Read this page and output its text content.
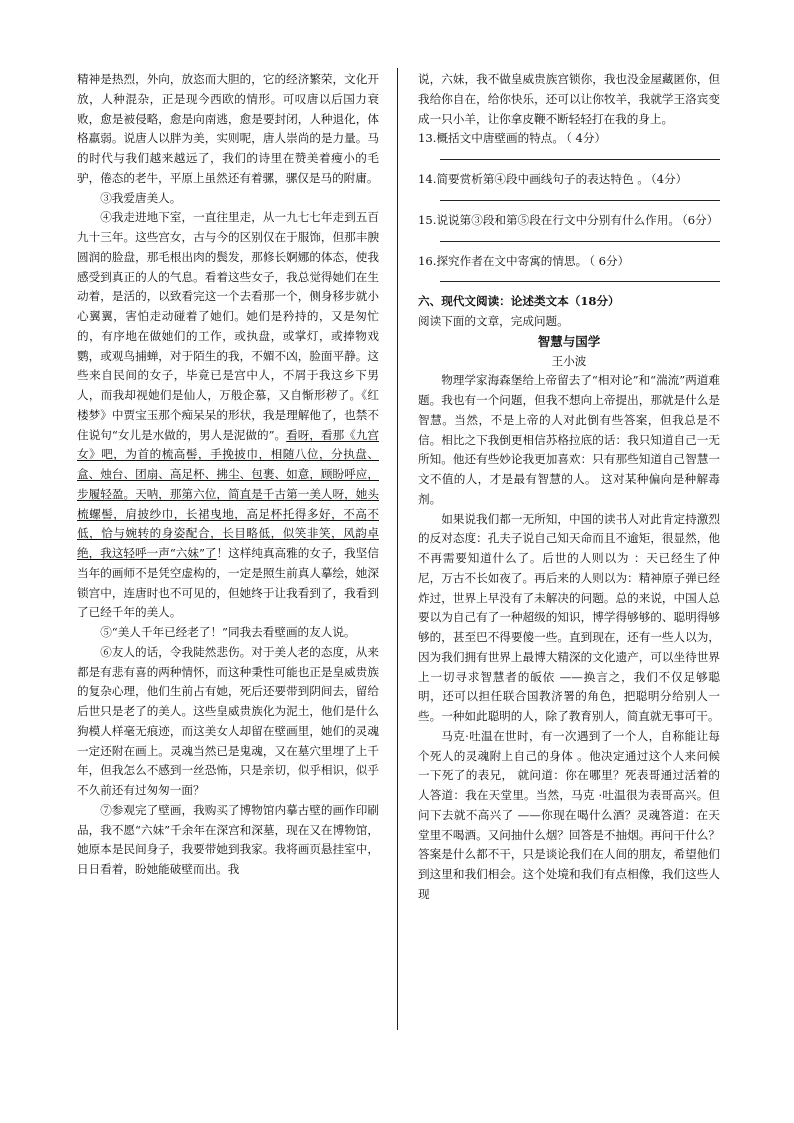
精神是热烈，外向，放恣而大胆的，它的经济繁荣，文化开放，人种混杂，正是现今西欧的情形。可叹唐以后国力衰败，愈是被侵略，愈是向南逃，愈是要封闭，人种退化，体格羸弱。说唐人以胖为美，实则呢，唐人崇尚的是力量。马的时代与我们越来越远了，我们的诗里在赞美着瘦小的毛驴，倦态的老牛，平原上虽然还有着骡，骡仅是马的附庸。

③我爱唐美人。

④我走进地下室，一直往里走，从一九七七年走到五百九十三年。这些宫女，古与今的区别仅在于服饰，但那丰腴圆润的脸盘，那毛根出肉的鬓发，那修长婀娜的体态，使我感受到真正的人的气息。看着这些女子，我总觉得她们在生动着，是活的，以致看完这一个去看那一个，侧身移步就小心翼翼，害怕走动碰着了她们。她们是矜持的，又是匆忙的，有序地在做她们的工作，或执盘，或掌灯，或捧物戏鹦，或观鸟捕蝉，对于陌生的我，不媚不凶，脸面平静。这些来自民间的女子，毕竟已是宫中人，不屑于我这乡下男人，而我却视她们是仙人，万般企慕，又自惭形秽了。《红楼梦》中贾宝玉那个痴呆呆的形状，我是理解他了，也禁不住说句“女儿是水做的，男人是泥做的”。看呀，看那《九宫女》吧，为首的梳高髻，手挽披巾，相随八位，分执盘、盒、烛台、团扇、高足杯、拂尘、包裹、如意，顾盼呼应，步履轻盈。天呐，那第六位，简直是千古第一美人呀，她头梳螺髻，肩披纱巾，长裙曳地，高足杯托得多好，不高不低，恰与婉转的身姿配合，长目略低，似笑非笑，风韵卓绝，我这轻呼一声“六妹”了！这样纯真高雅的女子，我坚信当年的画师不是凭空虚构的，一定是照生前真人摹绘，她深锁宫中，连唐时也不可见的，但她终于让我看到了，我看到了已经千年的美人。

⑤“美人千年已经老了！”同我去看壁画的友人说。

⑥友人的话，令我陡然悲伤。对于美人老的态度，从来都是有悲有喜的两种情怀，而这种秉性可能也正是皇威贵族的复杂心理，他们生前占有她，死后还要带到阴间去，留给后世只是老了的美人。这些皇威贵族化为泥土，他们是什么狗模人样毫无痕迹，而这美女人却留在壁画里，她们的灵魂一定还附在画上。灵魂当然已是鬼魂，又在墓穴里埋了上千年，但我怎么不感到一丝恐怖，只是亲切，似乎相识，似乎不久前还有过匆匆一面？

⑦参观完了壁画，我购买了博物馆内摹古壁的画作印刷品，我不愿“六妹”千余年在深宫和深墓，现在又在博物馆，她原本是民间身子，我要带她到我家。我将画页悬挂室中，日日看着，盼她能破壁而出。我

说，六妹，我不做皇威贵族宫锁你，我也没金屋藏匿你，但我给你自在，给你快乐，还可以让你牧羊，我就学王洛宾变成一只小羊，让你拿皮鞭不断轻轻打在我的身上。

13. 概括文中唐壁画的特点。 （ 4分）
14. 简要赏析第④段中画线句子的表达特色 。 （4分）
15. 说说第③段和第⑤段在行文中分别有什么作用。 （6分）
16. 探究作者在文中寄寓的情思。 （ 6分）

六、现代文阅读：论述类文本（18分）

阅读下面的文章，完成问题。

智慧与国学

王小波

物理学家海森堡给上帝留去了“相对论”和“湍流”两道难题。我也有一个问题，但我不想向上帝提出，那就是什么是智慧。当然，不是上帝的人对此倒有些答案，但我总是不信。相比之下我倒更相信苏格拉底的话：我只知道自己一无所知。他还有些妙论我更加喜欢：只有那些知道自己智慧一文不值的人，才是最有智慧的人。 这对某种偏向是种解毒剂。

如果说我们都一无所知，中国的读书人对此肯定持激烈的反对态度：孔夫子说自己知天命而且不逾矩，很显然，他不再需要知道什么了。后世的人则以为 ：天已经生了仲尼，万古不长如夜了。再后来的人则以为：精神原子弹已经炸过，世界上早没有了未解决的问题。总的来说，中国人总要以为自己有了一种超级的知识，博学得够够的、聪明得够够的，甚至巴不得要傻一些。直到现在，还有一些人以为，因为我们拥有世界上最博大精深的文化遗产，可以坐待世界上一切寻求智慧者的皈依 ——换言之，我们不仅足够聪明，还可以担任联合国教济署的角色，把聪明分给别人一些。一种如此聪明的人，除了教育别人，简直就无事可干。

马克·吐温在世时，有一次遇到了一个人，自称能让每个死人的灵魂附上自己的身体 。他决定通过这个人来问候一下死了的表兄， 就问道：你在哪里？死表哥通过活着的人答道：我在天堂里。当然，马克 ·吐温很为表哥高兴。但问下去就不高兴了 ——你现在喝什么酒？灵魂答道：在天堂里不喝酒。又问抽什么烟？回答是不抽烟。再问干什么？答案是什么都不干，只是谈论我们在人间的朋友，希望他们到这里和我们相会。这个处境和我们有点相像，我们这些人现
